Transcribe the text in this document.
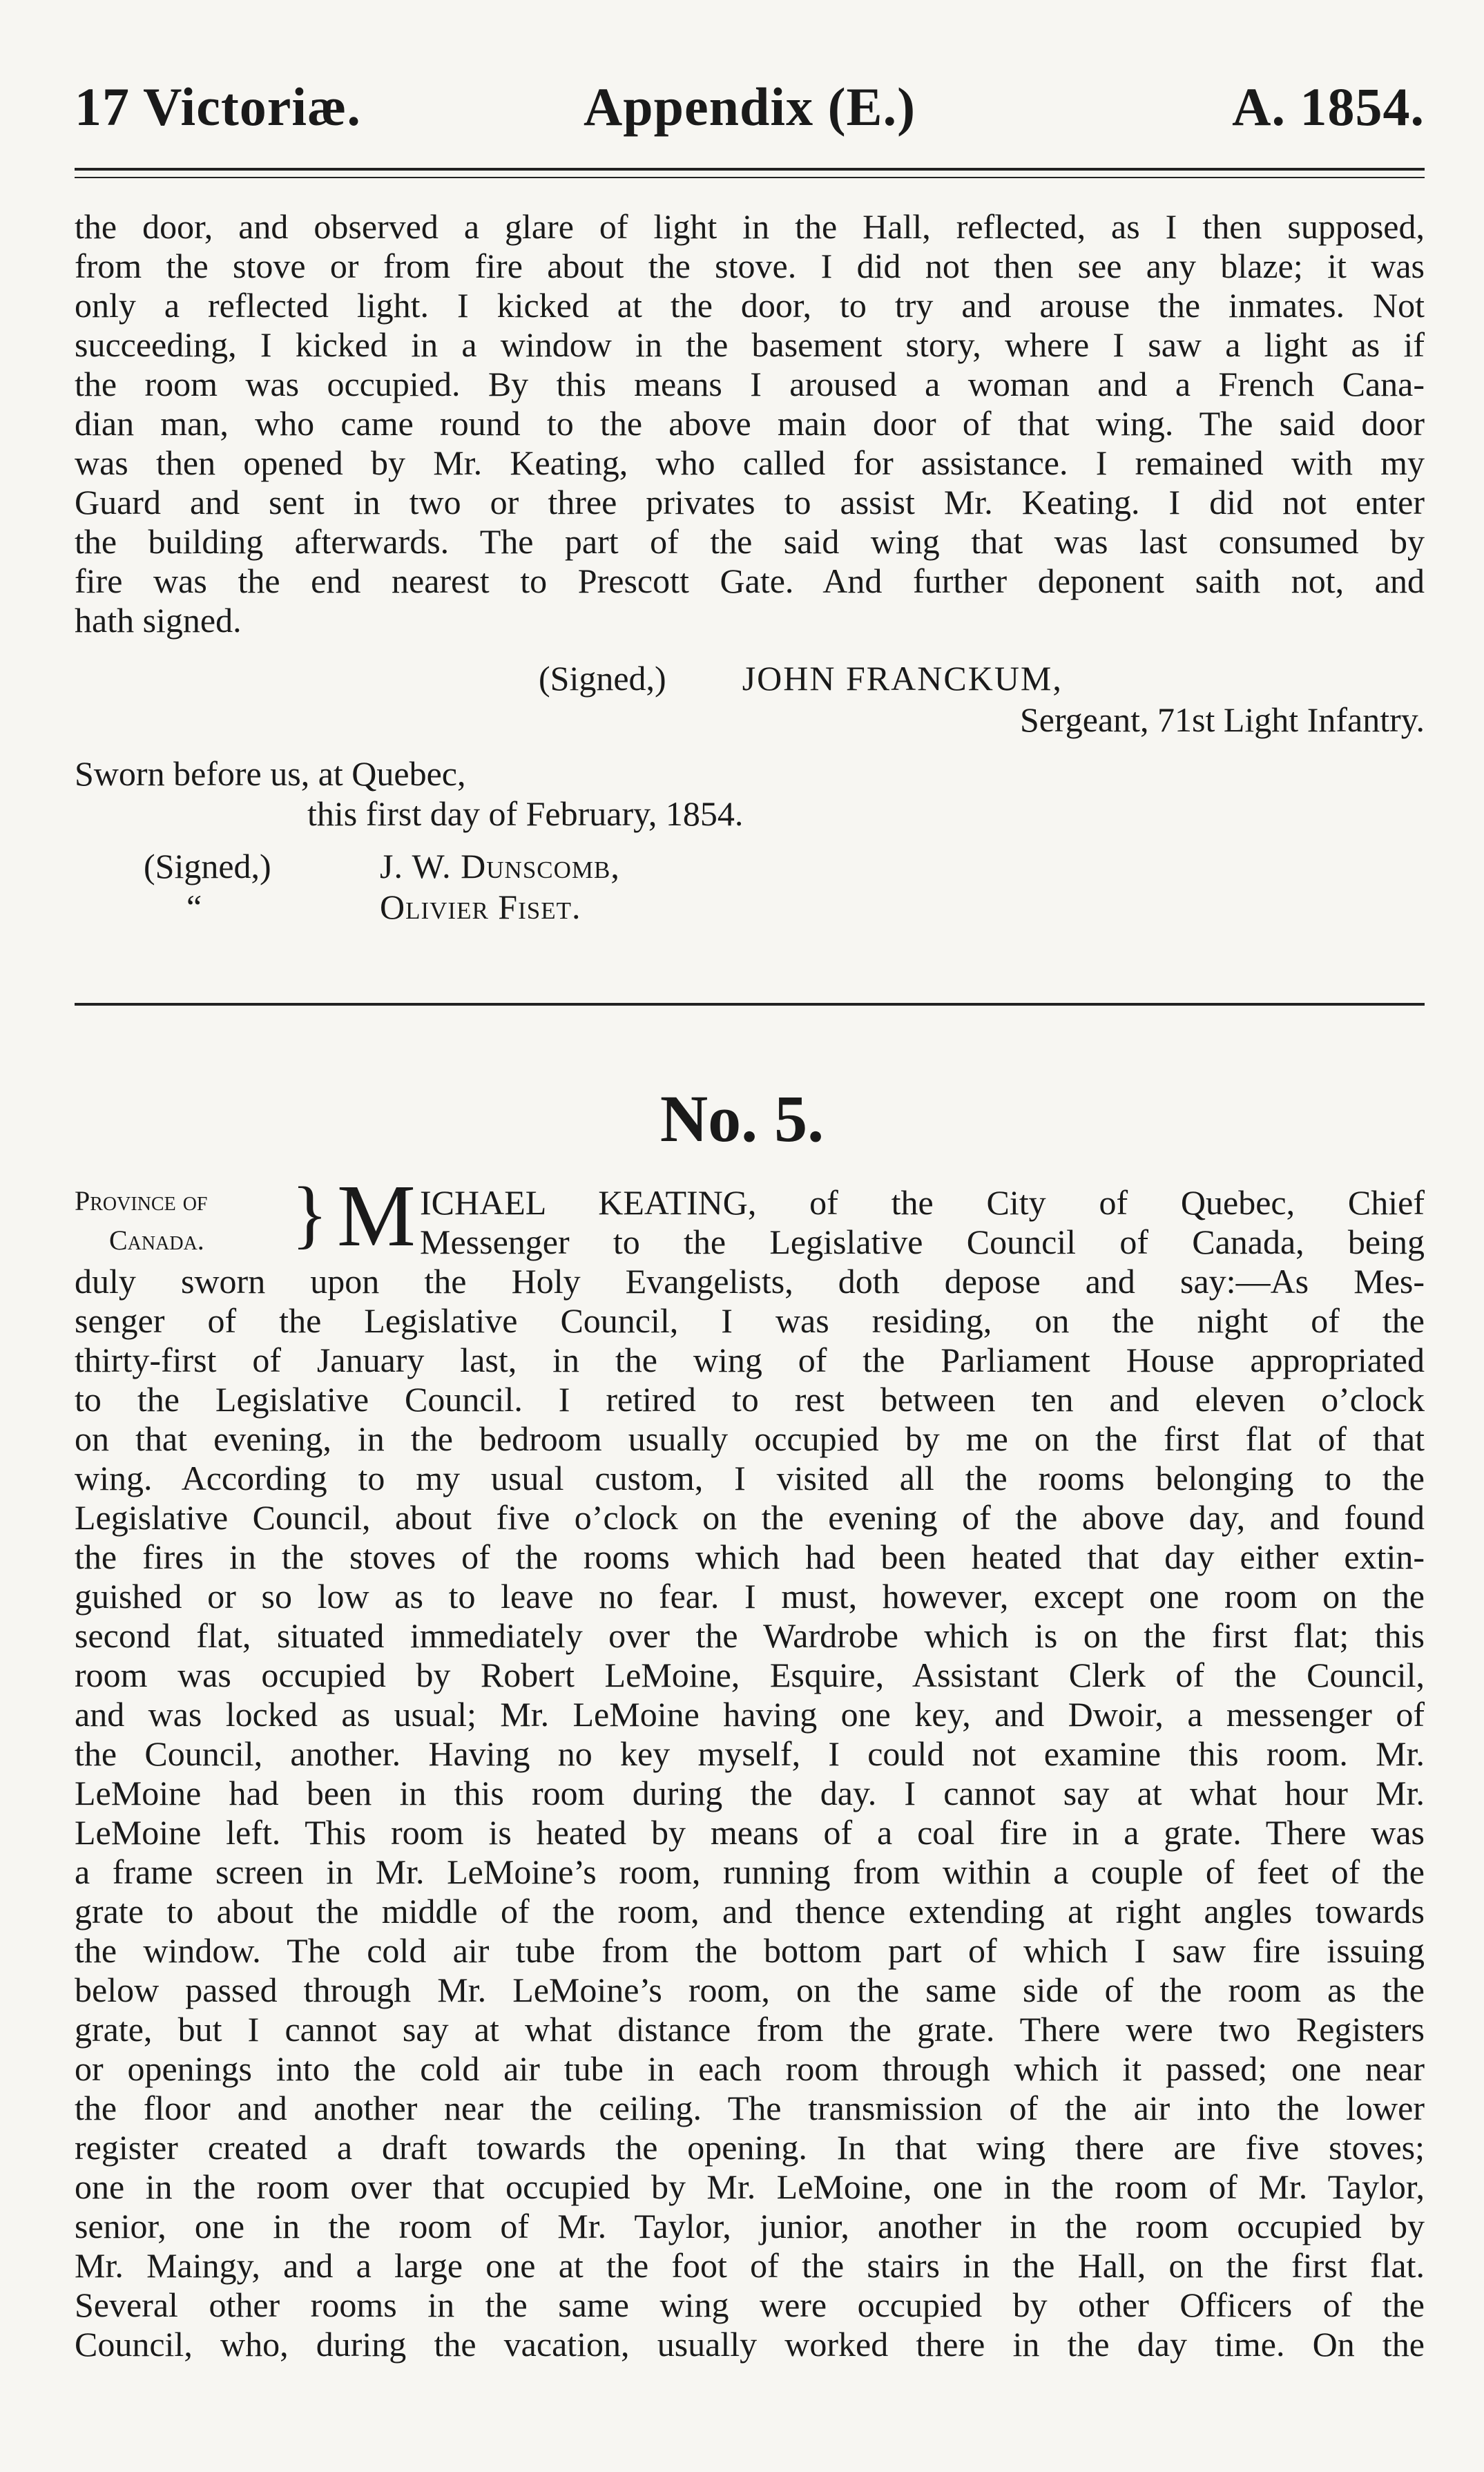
17 Victoriæ.	Appendix (E.)	A. 1854.
the door, and observed a glare of light in the Hall, reflected, as I then supposed,
from the stove or from fire about the stove. I did not then see any blaze; it was
only a reflected light. I kicked at the door, to try and arouse the inmates. Not
succeeding, I kicked in a window in the basement story, where I saw a light as if
the room was occupied. By this means I aroused a woman and a French Cana-
dian man, who came round to the above main door of that wing. The said door
was then opened by Mr. Keating, who called for assistance. I remained with my
Guard and sent in two or three privates to assist Mr. Keating. I did not enter
the building afterwards. The part of the said wing that was last consumed by
fire was the end nearest to Prescott Gate. And further deponent saith not, and
hath signed.
(Signed,) JOHN FRANCKUM,
Sergeant, 71st Light Infantry.
Sworn before us, at Quebec,
this first day of February, 1854.
(Signed,)	J. W. Dunscomb,
“	Olivier Fiset.
No. 5.
Province of
Canada. } M ICHAEL KEATING, of the City of Quebec, Chief
Messenger to the Legislative Council of Canada, being
duly sworn upon the Holy Evangelists, doth depose and say:—As Mes-
senger of the Legislative Council, I was residing, on the night of the
thirty-first of January last, in the wing of the Parliament House appropriated
to the Legislative Council. I retired to rest between ten and eleven o’clock
on that evening, in the bedroom usually occupied by me on the first flat of that
wing. According to my usual custom, I visited all the rooms belonging to the
Legislative Council, about five o’clock on the evening of the above day, and found
the fires in the stoves of the rooms which had been heated that day either extin-
guished or so low as to leave no fear. I must, however, except one room on the
second flat, situated immediately over the Wardrobe which is on the first flat; this
room was occupied by Robert LeMoine, Esquire, Assistant Clerk of the Council,
and was locked as usual; Mr. LeMoine having one key, and Dwoir, a messenger of
the Council, another. Having no key myself, I could not examine this room. Mr.
LeMoine had been in this room during the day. I cannot say at what hour Mr.
LeMoine left. This room is heated by means of a coal fire in a grate. There was
a frame screen in Mr. LeMoine’s room, running from within a couple of feet of the
grate to about the middle of the room, and thence extending at right angles towards
the window. The cold air tube from the bottom part of which I saw fire issuing
below passed through Mr. LeMoine’s room, on the same side of the room as the
grate, but I cannot say at what distance from the grate. There were two Registers
or openings into the cold air tube in each room through which it passed; one near
the floor and another near the ceiling. The transmission of the air into the lower
register created a draft towards the opening. In that wing there are five stoves;
one in the room over that occupied by Mr. LeMoine, one in the room of Mr. Taylor,
senior, one in the room of Mr. Taylor, junior, another in the room occupied by
Mr. Maingy, and a large one at the foot of the stairs in the Hall, on the first flat.
Several other rooms in the same wing were occupied by other Officers of the
Council, who, during the vacation, usually worked there in the day time. On the
